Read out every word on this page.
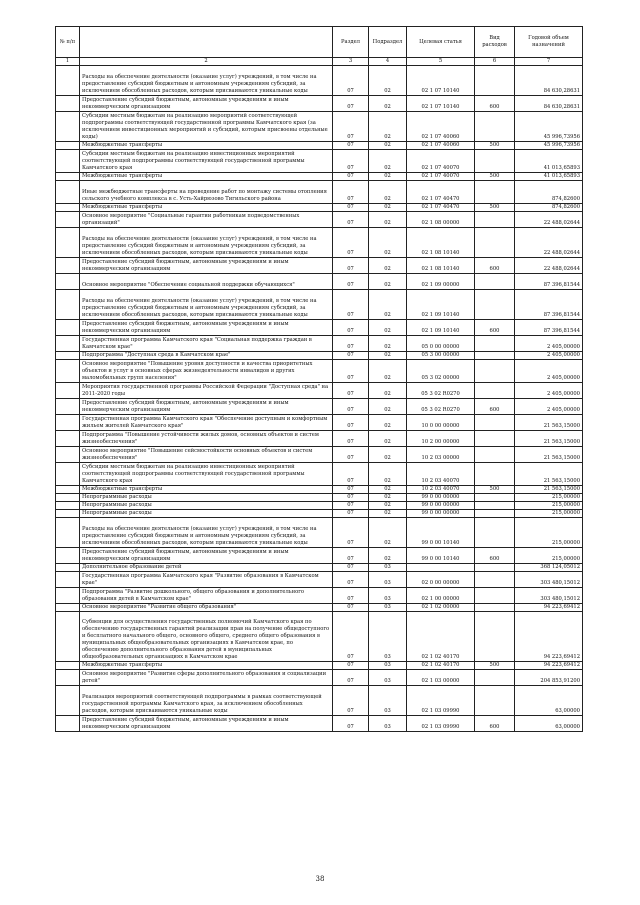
№ п/п		Раздел	Подраздел	Целевая статья	Вид расходов	Годовой объем назначений
1	2	3	4	5	6	7
	Расходы на обеспечение деятельности (оказание услуг) учреждений, в том числе на предоставление субсидий бюджетным и автономным учреждениям субсидий, за исключением обособленных расходов, которым присваиваются уникальные коды	07	02	02 1 07 10140		84 630,28631
	Предоставление субсидий бюджетным, автономным учреждениям и иным некоммерческим организациям	07	02	02 1 07 10140	600	84 630,28631
	Субсидии местным бюджетам на реализацию мероприятий соответствующей подпрограммы соответствующей государственной программы Камчатского края (за исключением инвестиционных мероприятий и субсидий, которым присвоены отдельные коды)	07	02	02 1 07 40060		45 996,73956
	Межбюджетные трансферты	07	02	02 1 07 40060	500	45 996,73956
	Субсидии местным бюджетам на реализацию инвестиционных мероприятий соответствующей подпрограммы соответствующей государственной программы Камчатского края	07	02	02 1 07 40070		41 013,65893
	Межбюджетные трансферты	07	02	02 1 07 40070	500	41 013,65893
	Иные межбюджетные трансферты на проведение работ по монтажу системы отопления сельского учебного комплекса в с. Усть-Хайрюзово Тигильского района	07	02	02 1 07 40470		874,82600
	Межбюджетные трансферты	07	02	02 1 07 40470	500	874,82600
	Основное мероприятие "Социальные гарантии работникам подведомственных организаций"	07	02	02 1 08 00000		22 488,02644
	Расходы на обеспечение деятельности (оказание услуг) учреждений, в том числе на предоставление субсидий бюджетным и автономным учреждениям субсидий, за исключением обособленных расходов, которым присваиваются уникальные коды	07	02	02 1 08 10140		22 488,02644
	Предоставление субсидий бюджетным, автономным учреждениям и иным некоммерческим организациям	07	02	02 1 08 10140	600	22 488,02644
	Основное мероприятие "Обеспечение социальной поддержки обучающихся"	07	02	02 1 09 00000		87 396,81544
	Расходы на обеспечение деятельности (оказание услуг) учреждений, в том числе на предоставление субсидий бюджетным и автономным учреждениям субсидий, за исключением обособленных расходов, которым присваиваются уникальные коды	07	02	02 1 09 10140		87 396,81544
	Предоставление субсидий бюджетным, автономным учреждениям и иным некоммерческим организациям	07	02	02 1 09 10140	600	87 396,81544
	Государственная программа Камчатского края "Социальная поддержка граждан в Камчатском крае"	07	02	05 0 00 00000		2 405,00000
	Подпрограмма "Доступная среда в Камчатском крае"	07	02	05 3 00 00000		2 405,00000
	Основное мероприятие "Повышение уровня доступности и качества приоритетных объектов и услуг в основных сферах жизнедеятельности инвалидов и других маломобильных групп населения"	07	02	05 3 02 00000		2 405,00000
	Мероприятия государственной программы Российской Федерации "Доступная среда" на 2011-2020 годы	07	02	05 3 02 R0270		2 405,00000
	Предоставление субсидий бюджетным, автономным учреждениям и иным некоммерческим организациям	07	02	05 3 02 R0270	600	2 405,00000
	Государственная программа Камчатского края "Обеспечение доступным и комфортным жильем жителей Камчатского края"	07	02	10 0 00 00000		21 563,15000
	Подпрограмма "Повышение устойчивости жилых домов, основных объектов и систем жизнеобеспечения"	07	02	10 2 00 00000		21 563,15000
	Основное мероприятие "Повышение сейсмостойкости основных объектов и систем жизнеобеспечения"	07	02	10 2 03 00000		21 563,15000
	Субсидии местным бюджетам на реализацию инвестиционных мероприятий соответствующей подпрограммы соответствующей государственной программы Камчатского края	07	02	10 2 03 40070		21 563,15000
	Межбюджетные трансферты	07	02	10 2 03 40070	500	21 563,15000
	Непрограммные расходы	07	02	99 0 00 00000		215,00000
	Непрограммные расходы	07	02	99 0 00 00000		215,00000
	Непрограммные расходы	07	02	99 0 00 00000		215,00000
	Расходы на обеспечение деятельности (оказание услуг) учреждений, в том числе на предоставление субсидий бюджетным и автономным учреждениям субсидий, за исключением обособленных расходов, которым присваиваются уникальные коды	07	02	99 0 00 10140		215,00000
	Предоставление субсидий бюджетным, автономным учреждениям и иным некоммерческим организациям	07	02	99 0 00 10140	600	215,00000
	Дополнительное образование детей	07	03			368 124,05012
	Государственная программа Камчатского края "Развитие образования в Камчатском крае"	07	03	02 0 00 00000		303 480,15012
	Подпрограмма "Развитие дошкольного, общего образования и дополнительного образования детей в Камчатском крае"	07	03	02 1 00 00000		303 480,15012
	Основное мероприятие "Развитие общего образования"	07	03	02 1 02 00000		94 223,69412
	Субвенции для осуществления государственных полномочий Камчатского края по обеспечению государственных гарантий реализации прав на получение общедоступного и бесплатного начального общего, основного общего, среднего общего образования в муниципальных общеобразовательных организациях в Камчатском крае, по обеспечению дополнительного образования детей в муниципальных общеобразовательных организациях в Камчатском крае	07	03	02 1 02 40170		94 223,69412
	Межбюджетные трансферты	07	03	02 1 02 40170	500	94 223,69412
	Основное мероприятие "Развитие сферы дополнительного образования и социализации детей"	07	03	02 1 03 00000		204 853,91200
	Реализация мероприятий соответствующей подпрограммы в рамках соответствующей государственной программы Камчатского края, за исключением обособленных расходов, которым присваиваются уникальные коды	07	03	02 1 03 09990		63,00000
	Предоставление субсидий бюджетным, автономным учреждениям и иным некоммерческим организациям	07	03	02 1 03 09990	600	63,00000
38
